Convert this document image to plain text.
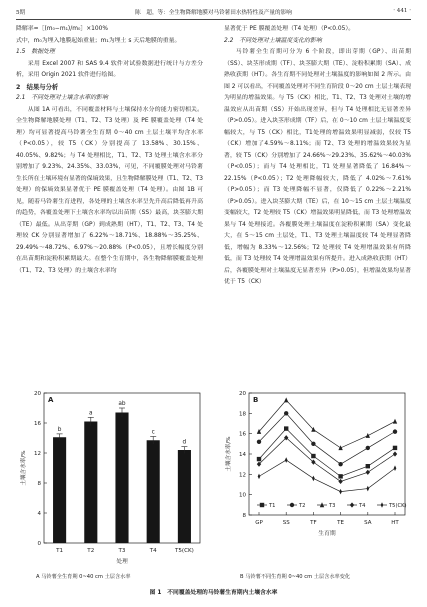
5期	陈　超，等：全生物降解地膜对马铃薯田水热特性及产量的影响	· 441 ·

降解率=［(m₀−m₁)/m₀］×100%

式中，m₀为埋入地膜起始重量；m₁为埋土 s 天后地膜的重量。

1.5　数据处理

采用 Excel 2007 和 SAS 9.4 软件对试验数据进行统计与方差分析，采用 Origin 2021 软件进行绘图。

2　结果与分析

2.1　不同处理对土壤含水率的影响

从图 1A 可看出，不同覆盖材料与土壤保持水分的能力密切相关。全生物降解地膜处理（T1、T2、T3 处理）及 PE 膜覆盖处理（T4 处理）均可显著提高马铃薯全生育期 0～40 cm 土层土壤平均含水率（P<0.05），较 T5（CK）分别提高了 13.58%、30.15%、40.05%、9.82%；与 T4 处理相比，T1、T2、T3 处理土壤含水率分别增加了 9.23%、24.35%、33.03%，可见，不同覆膜处理对马铃薯生长所在土壤环境有显著的保墒效果，且生物降解膜处理（T1、T2、T3 处理）的保墒效果显著优于 PE 膜覆盖处理（T4 处理）。由图 1B 可见，随着马铃薯生育进程，各处理的土壤含水率呈先升高后降低再升高的趋势，各覆盖处理下土壤含水率均以出苗期（SS）最高，块茎膨大期（TE）最低。从出芽期（GP）到成熟期（HT），T1、T2、T3、T4 处理较 CK 分别显著增加了 6.22%～18.71%、18.88%～35.25%、29.49%～48.72%、6.97%～20.88%（P<0.05），且增长幅度分别在出苗期和淀粉积累期最大。在整个生育期中，各生物降解膜覆盖处理（T1、T2、T3 处理）的土壤含水率均

显著优于 PE 膜覆盖处理（T4 处理）（P<0.05）。

2.2　不同处理对土壤温度变化的影响

马铃薯全生育期可分为 6 个阶段，即出芽期（GP）、出苗期（SS）、块茎形成期（TF）、块茎膨大期（TE）、淀粉积累期（SA）、成熟收获期（HT）。各生育期不同处理对土壤温度的影响如图 2 所示。由图 2 可以看出，不同覆盖处理对不同生育阶段 0～20 cm 土层土壤表现为明显的增温效果。与 T5（CK）相比，T1、T2、T3 处理对土壤的增温效应从出苗期（SS）开始出现差异，但与 T4 处理相比无显著差异（P>0.05）。进入块茎形成期（TF）后，在 0～10 cm 土层土壤温度变幅较大，与 T5（CK）相比，T1处理的增温效果明显减弱，仅较 T5（CK）增加了4.59%～8.11%；而 T2、T3 处理的增温效果较为显著，较 T5（CK）分别增加了 24.66%～29.23%、35.62%～40.03%（P<0.05）；而与 T4 处理相比，T1 处理显著降低了 16.84%～22.15%（P<0.05）；T2 处理降幅较大，降低了 4.02%～7.61%（P>0.05）；而 T3 处理降幅不显著，仅降低了 0.22%～2.21%（P>0.05）。进入块茎膨大期（TE）后，在 10～15 cm 土层土壤温度变幅较大，T2 处理较 T5（CK）增温效果明显降低，而 T3 处理增温效果与 T4 处理接近。各覆膜处理土壤温度在淀粉积累期（SA）变化最大，在 5～15 cm 土层处，T1、T3 处理土壤温度较 T4 处理显著降低，增幅为 8.33%～12.56%；T2 处理较 T4 处理增温效果有所降低，而 T3 处理较 T4 处理增温效果有所提升。进入成熟收获期（HT）后，各覆膜处理对土壤温度无显著差异（P>0.05），但增温效果均显著优于 T5（CK）

A
0
4
8
12
16
20
土壤含水率/%
b
T1
a
T2
ab
T3
c
T4
d
T5(CK)
处理
B
8
10
12
14
16
18
20
土壤含水率/%
GP	SS	TF	TE	SA	HT
生育期
T1	T2	T3	T4	T5(CK)
A 马铃薯全生育期 0~40 cm 土层含水率	B 马铃薯不同生育期 0~40 cm 土层含水率变化
图 1　不同覆盖处理的马铃薯生育期内土壤含水率
